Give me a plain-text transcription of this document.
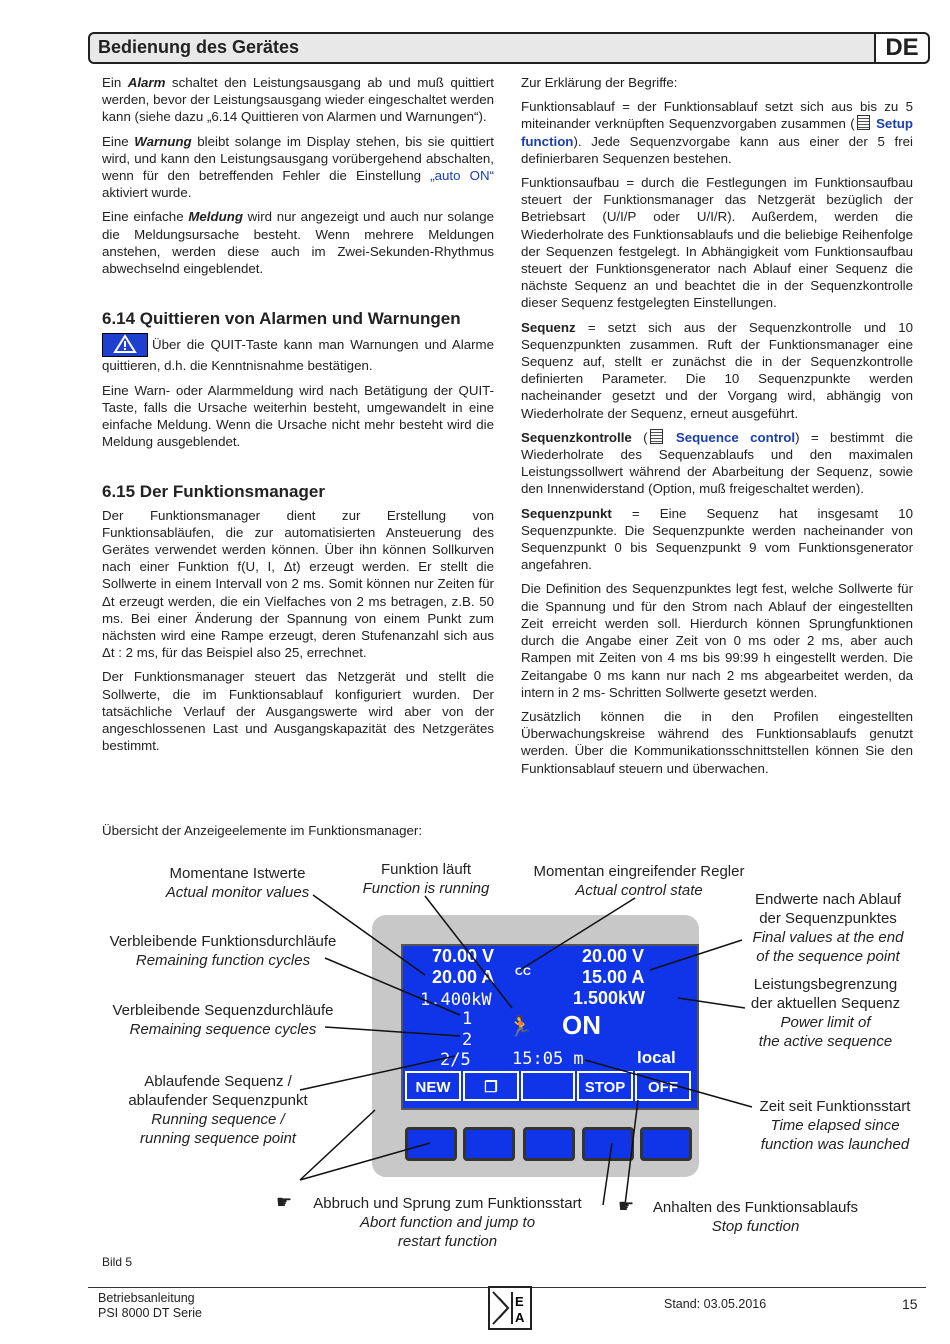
Bedienung des Gerätes	DE

Ein Alarm schaltet den Leistungsausgang ab und muß quittiert werden, bevor der Leistungsausgang wieder eingeschaltet werden kann (siehe dazu „6.14 Quittieren von Alarmen und Warnungen“).

Eine Warnung bleibt solange im Display stehen, bis sie quittiert wird, und kann den Leistungsausgang vorübergehend abschalten, wenn für den betreffenden Fehler die Einstellung „auto ON“ aktiviert wurde.

Eine einfache Meldung wird nur angezeigt und auch nur solange die Meldungsursache besteht. Wenn mehrere Meldungen anstehen, werden diese auch im Zwei-Sekunden-Rhythmus abwechselnd eingeblendet.

6.14 Quittieren von Alarmen und Warnungen

Über die QUIT-Taste kann man Warnungen und Alarme quittieren, d.h. die Kenntnisnahme bestätigen.

Eine Warn- oder Alarmmeldung wird nach Betätigung der QUIT-Taste, falls die Ursache weiterhin besteht, umgewandelt in eine einfache Meldung. Wenn die Ursache nicht mehr besteht wird die Meldung ausgeblendet.

6.15 Der Funktionsmanager

Der Funktionsmanager dient zur Erstellung von Funktionsabläufen, die zur automatisierten Ansteuerung des Gerätes verwendet werden können. Über ihn können Sollkurven nach einer Funktion f(U, I, Δt) erzeugt werden. Er stellt die Sollwerte in einem Intervall von 2 ms. Somit können nur Zeiten für Δt erzeugt werden, die ein Vielfaches von 2 ms betragen, z.B. 50 ms. Bei einer Änderung der Spannung von einem Punkt zum nächsten wird eine Rampe erzeugt, deren Stufenanzahl sich aus Δt : 2 ms, für das Beispiel also 25, errechnet.

Der Funktionsmanager steuert das Netzgerät und stellt die Sollwerte, die im Funktionsablauf konfiguriert wurden. Der tatsächliche Verlauf der Ausgangswerte wird aber von der angeschlossenen Last und Ausgangskapazität des Netzgerätes bestimmt.

Zur Erklärung der Begriffe:

Funktionsablauf = der Funktionsablauf setzt sich aus bis zu 5 miteinander verknüpften Sequenzvorgaben zusammen ( Setup function). Jede Sequenzvorgabe kann aus einer der 5 frei definierbaren Sequenzen bestehen.

Funktionsaufbau = durch die Festlegungen im Funktionsaufbau steuert der Funktionsmanager das Netzgerät bezüglich der Betriebsart (U/I/P oder U/I/R). Außerdem, werden die Wiederholrate des Funktionsablaufs und die beliebige Reihenfolge der Sequenzen festgelegt. In Abhängigkeit vom Funktionsaufbau steuert der Funktionsgenerator nach Ablauf einer Sequenz die nächste Sequenz an und beachtet die in der Sequenzkontrolle dieser Sequenz festgelegten Einstellungen.

Sequenz = setzt sich aus der Sequenzkontrolle und 10 Sequenzpunkten zusammen. Ruft der Funktionsmanager eine Sequenz auf, stellt er zunächst die in der Sequenzkontrolle definierten Parameter. Die 10 Sequenzpunkte werden nacheinander gesetzt und der Vorgang wird, abhängig von Wiederholrate der Sequenz, erneut ausgeführt.

Sequenzkontrolle ( Sequence control) = bestimmt die Wiederholrate des Sequenzablaufs und den maximalen Leistungssollwert während der Abarbeitung der Sequenz, sowie den Innenwiderstand (Option, muß freigeschaltet werden).

Sequenzpunkt = Eine Sequenz hat insgesamt 10 Sequenzpunkte. Die Sequenzpunkte werden nacheinander von Sequenzpunkt 0 bis Sequenzpunkt 9 vom Funktionsgenerator angefahren.

Die Definition des Sequenzpunktes legt fest, welche Sollwerte für die Spannung und für den Strom nach Ablauf der eingestellten Zeit erreicht werden soll. Hierdurch können Sprungfunktionen durch die Angabe einer Zeit von 0 ms oder 2 ms, aber auch Rampen mit Zeiten von 4 ms bis 99:99 h eingestellt werden. Die Zeitangabe 0 ms kann nur nach 2 ms abgearbeitet werden, da intern in 2 ms- Schritten Sollwerte gesetzt werden.

Zusätzlich können die in den Profilen eingestellten Überwachungskreise während des Funktionsablaufs genutzt werden. Über die Kommunikationsschnittstellen können Sie den Funktionsablauf steuern und überwachen.

Übersicht der Anzeigeelemente im Funktionsmanager:
70.00 V
20.00 A
1.400kW
CC
20.00 V
15.00 A
1.500kW
1
2
2/5
🏃 ON
15:05 m	local
NEW	❐	STOP	OFF
Momentane Istwerte
Actual monitor values
Funktion läuft
Function is running
Momentan eingreifender Regler
Actual control state
Endwerte nach Ablauf
der Sequenzpunktes
Final values at the end
of the sequence point
Verbleibende Funktionsdurchläufe
Remaining function cycles
Leistungsbegrenzung
der aktuellen Sequenz
Power limit of
the active sequence
Verbleibende Sequenzdurchläufe
Remaining sequence cycles
Ablaufende Sequenz /
ablaufender Sequenzpunkt
Running sequence /
running sequence point
Zeit seit Funktionsstart
Time elapsed since
function was launched
☛	Abbruch und Sprung zum Funktionsstart
Abort function and jump to
restart function
☛	Anhalten des Funktionsablaufs
Stop function
Bild 5
Betriebsanleitung
PSI 8000 DT Serie
E
A
Stand: 03.05.2016	15
